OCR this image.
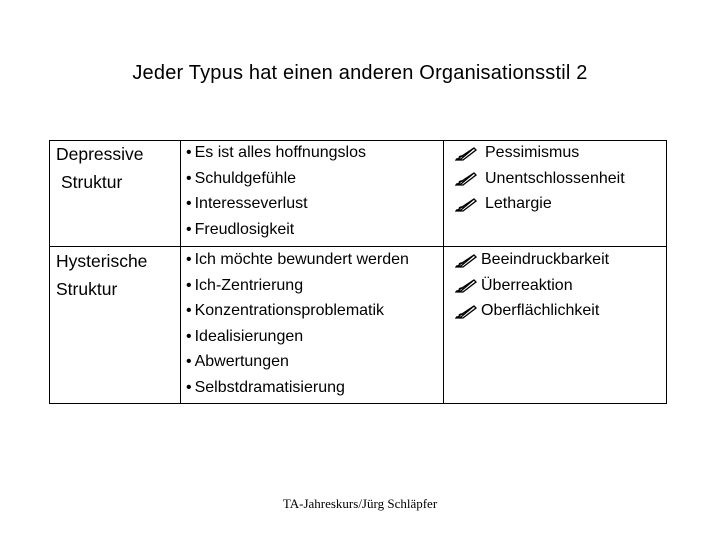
Jeder Typus hat einen anderen Organisationsstil 2
Depressive
Struktur
• Es ist alles hoffnungslos
• Schuldgefühle
• Interesseverlust
• Freudlosigkeit
Pessimismus
Unentschlossenheit
Lethargie
Hysterische
Struktur
• Ich möchte bewundert werden
• Ich-Zentrierung
• Konzentrationsproblematik
• Idealisierungen
• Abwertungen
• Selbstdramatisierung
Beeindruckbarkeit
Überreaktion
Oberflächlichkeit
TA-Jahreskurs/Jürg Schläpfer
